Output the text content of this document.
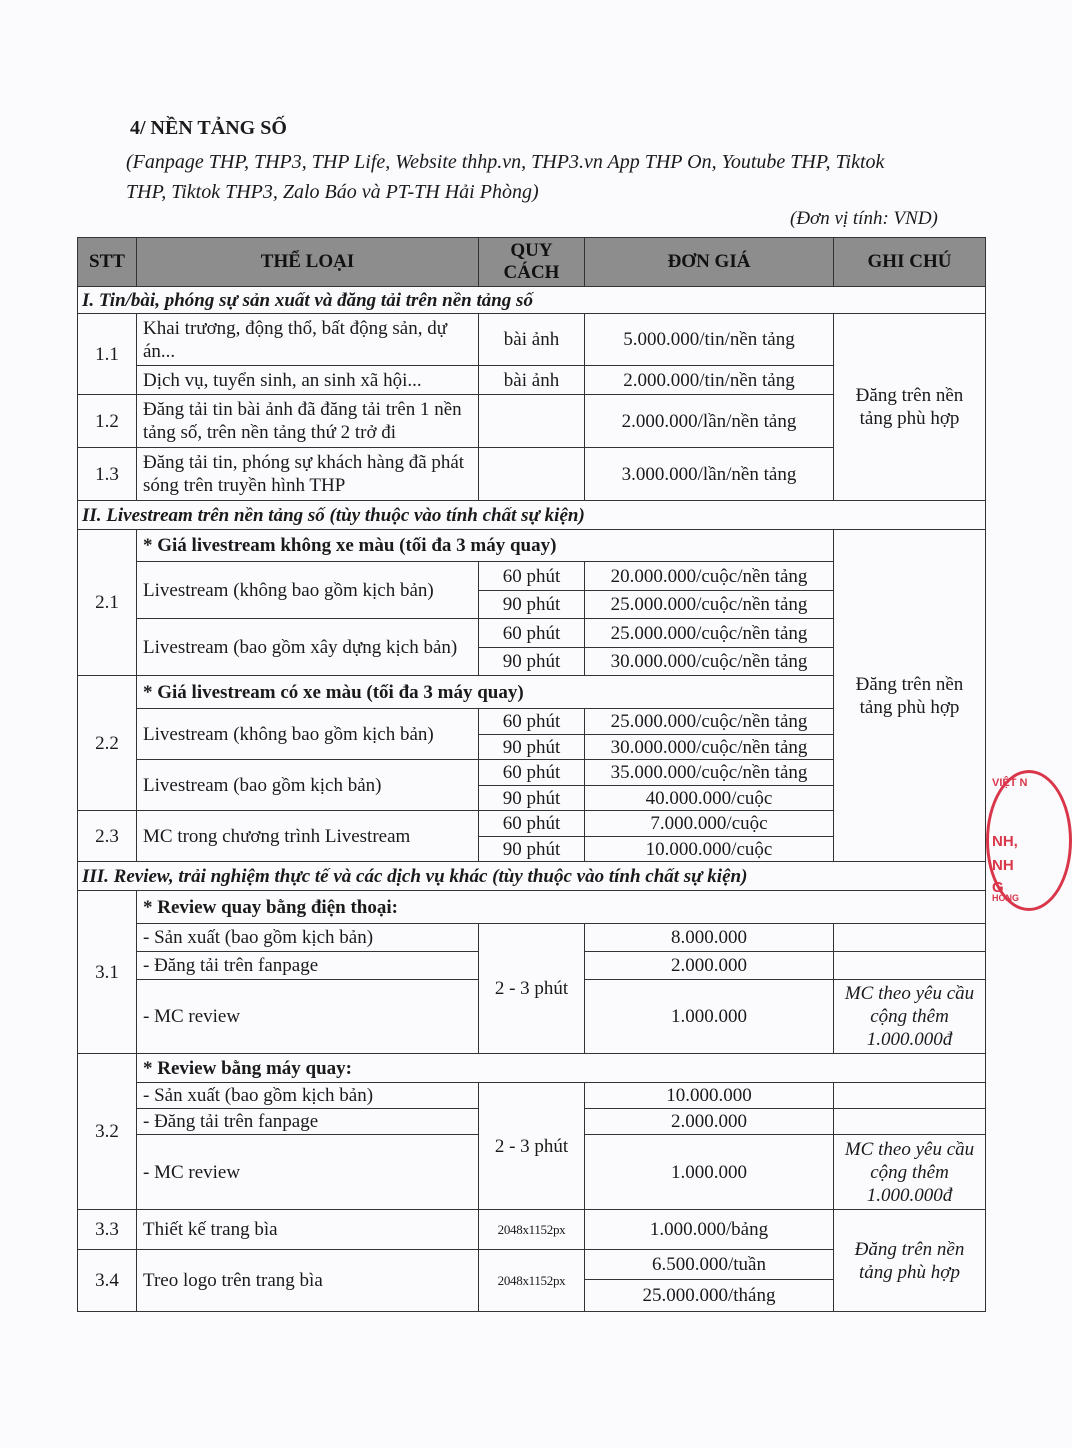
VIỆT N
NH,
NH
G
HÒNG
4/ NỀN TẢNG SỐ
(Fanpage THP, THP3, THP Life, Website thhp.vn, THP3.vn App THP On, Youtube THP, Tiktok THP, Tiktok THP3, Zalo Báo và PT-TH Hải Phòng)
(Đơn vị tính: VND)
STT	THỂ LOẠI	QUY CÁCH	ĐƠN GIÁ	GHI CHÚ
I. Tin/bài, phóng sự sản xuất và đăng tải trên nền tảng số				
1.1	Khai trương, động thổ, bất động sản, dự án...	bài ảnh	5.000.000/tin/nền tảng	Đăng trên nền tảng phù hợp
	Dịch vụ, tuyển sinh, an sinh xã hội...	bài ảnh	2.000.000/tin/nền tảng	
1.2	Đăng tải tin bài ảnh đã đăng tải trên 1 nền tảng số, trên nền tảng thứ 2 trở đi		2.000.000/lần/nền tảng	
1.3	Đăng tải tin, phóng sự khách hàng đã phát sóng trên truyền hình THP		3.000.000/lần/nền tảng	
II. Livestream trên nền tảng số (tùy thuộc vào tính chất sự kiện)				
2.1	* Giá livestream không xe màu (tối đa 3 máy quay)			Đăng trên nền tảng phù hợp
	Livestream (không bao gồm kịch bản)	60 phút	20.000.000/cuộc/nền tảng	
		90 phút	25.000.000/cuộc/nền tảng	
	Livestream (bao gồm xây dựng kịch bản)	60 phút	25.000.000/cuộc/nền tảng	
		90 phút	30.000.000/cuộc/nền tảng	
2.2	* Giá livestream có xe màu (tối đa 3 máy quay)			
	Livestream (không bao gồm kịch bản)	60 phút	25.000.000/cuộc/nền tảng	
		90 phút	30.000.000/cuộc/nền tảng	
	Livestream (bao gồm kịch bản)	60 phút	35.000.000/cuộc/nền tảng	
		90 phút	40.000.000/cuộc	
2.3	MC trong chương trình Livestream	60 phút	7.000.000/cuộc	
		90 phút	10.000.000/cuộc	
III. Review, trải nghiệm thực tế và các dịch vụ khác (tùy thuộc vào tính chất sự kiện)				
3.1	* Review quay bằng điện thoại:			
	- Sản xuất (bao gồm kịch bản)	2 - 3 phút	8.000.000	
	- Đăng tải trên fanpage		2.000.000	
	- MC review		1.000.000	MC theo yêu cầu cộng thêm 1.000.000đ
3.2	* Review bằng máy quay:			
	- Sản xuất (bao gồm kịch bản)	2 - 3 phút	10.000.000	
	- Đăng tải trên fanpage		2.000.000	
	- MC review		1.000.000	MC theo yêu cầu cộng thêm 1.000.000đ
3.3	Thiết kế trang bìa	2048x1152px	1.000.000/bảng	Đăng trên nền tảng phù hợp
3.4	Treo logo trên trang bìa	2048x1152px	6.500.000/tuần	
			25.000.000/tháng	
